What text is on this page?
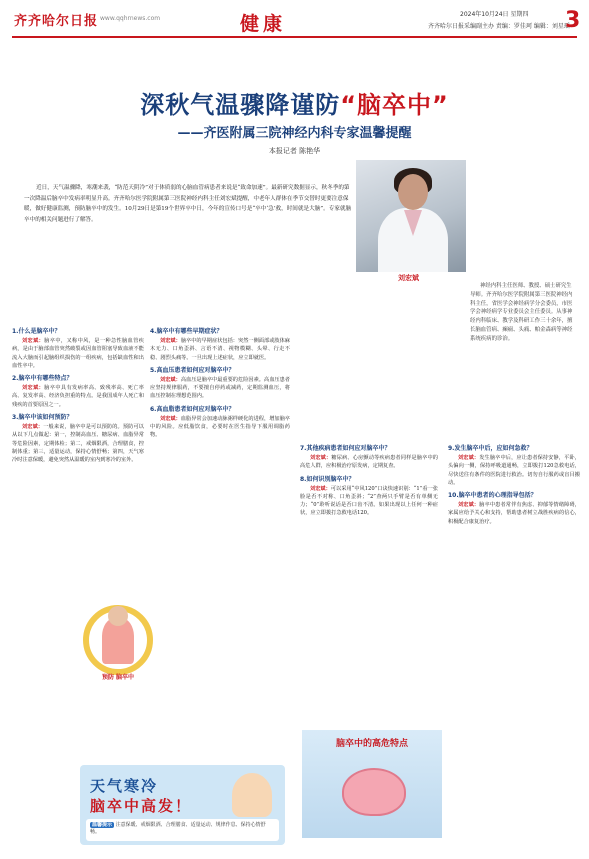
齐齐哈尔日报 www.qqhrnews.com	健康	2024年10月24日 星期四
齐齐哈尔日报采编副主办 责编：罗佳珂 编辑：刘星瑶
3
深秋气温骤降谨防“脑卒中”
——齐医附属三院神经内科专家温馨提醒
本报记者 陈艳华
近日，天气温骤降，寒潮来袭，“防范天阴冷”对于体质弱的心脑血管病患者来说是“致命加速”。最新研究数据显示，秋冬季的第一次降温后脑卒中发病率明显升高。齐齐哈尔医学院附属第三医院神经内科主任刘宏斌提醒，中老年人群体在季节交替时更要注意保暖，做好健康监测，预防脑卒中的发生。10月29日是第19个世界卒中日，今年的宣传口号是“卒中‘急’救，时间就是大脑”。专家就脑卒中的相关问题进行了解答。
刘宏斌
神经内科主任医师、教授、硕士研究生导师。齐齐哈尔医学院附属第三医院神经内科主任，省医学会神经病学分会委员，市医学会神经病学专业委员会主任委员。从事神经内科临床、教学及科研工作三十余年，擅长脑血管病、癫痫、头痛、帕金森病等神经系统疾病的诊治。
1.什么是脑卒中？
刘宏斌：脑卒中，又称中风，是一种急性脑血管疾病，是由于脑部血管突然破裂或因血管阻塞导致血液不能流入大脑而引起脑组织损伤的一组疾病，包括缺血性和出血性卒中。
2.脑卒中有哪些特点？
刘宏斌：脑卒中具有发病率高、致残率高、死亡率高、复发率高、经济负担重的特点。是我国成年人死亡和残疾的首要原因之一。
3.脑卒中该如何预防？
刘宏斌：一般来说，脑卒中是可以预防的。预防可以从以下几点做起：第一，控制高血压、糖尿病、血脂异常等危险因素，定期体检；第二，戒烟限酒，合理膳食，控制体重；第三，适量运动，保持心情舒畅；第四，天气寒冷时注意保暖，避免突然从温暖的室内到寒冷的室外。
预防 脑卒中
4.脑卒中有哪些早期症状？
刘宏斌：脑卒中的早期症状包括：突然一侧面部或肢体麻木无力、口角歪斜、言语不清、视物模糊、头晕、行走不稳、剧烈头痛等。一旦出现上述症状，应立即就医。
5.高血压患者如何应对脑卒中？
刘宏斌：高血压是脑卒中最重要的危险因素。高血压患者应坚持规律服药，不要擅自停药或减药，定期监测血压，将血压控制在理想范围内。
6.高血脂患者如何应对脑卒中？
刘宏斌：血脂异常会加速动脉粥样硬化的进程，增加脑卒中的风险。应低脂饮食，必要时在医生指导下服用调脂药物。
7.其他疾病患者如何应对脑卒中？
刘宏斌：糖尿病、心房颤动等疾病患者同样是脑卒中的高危人群，应积极治疗原发病，定期复查。
8.如何识别脑卒中？
刘宏斌：可以采用“中风120”口诀快速识别：“1”看一张脸是否不对称、口角歪斜；“2”查两只手臂是否有单侧无力；“0”聆听说话是否口齿不清。如果出现以上任何一种症状，应立即拨打急救电话120。
脑卒中的高危特点
9.发生脑卒中后，应如何急救？
刘宏斌：发生脑卒中后，应让患者保持安静，平卧，头偏向一侧，保持呼吸道通畅，立即拨打120急救电话，尽快送往有条件的医院进行救治。切勿自行服药或盲目搬动。
10.脑卒中患者的心理指导包括？
刘宏斌：脑卒中患者常伴有焦虑、抑郁等情绪障碍，家属应给予关心和支持，帮助患者树立战胜疾病的信心，积极配合康复治疗。
天气寒冷
脑卒中高发！
温馨提示 注意保暖、戒烟限酒、合理膳食、适量运动、规律作息、保持心情舒畅。
